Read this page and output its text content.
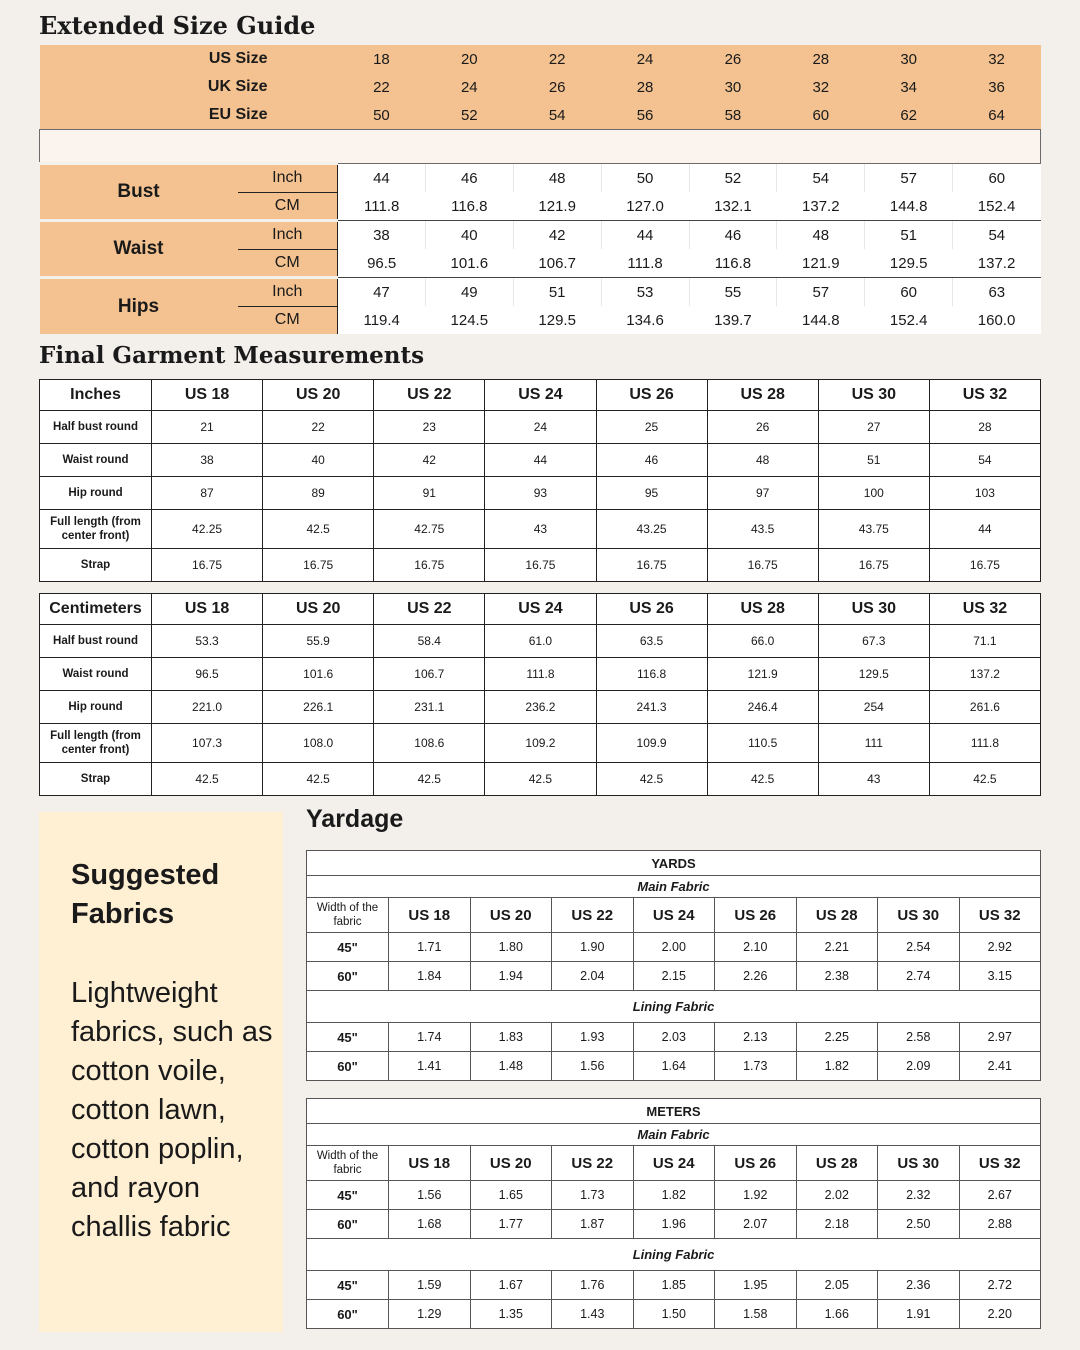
Extended Size Guide
US Size		18	20	22	24	26	28	30	32
UK Size		22	24	26	28	30	32	34	36
EU Size		50	52	54	56	58	60	62	64

Bust	Inch	44	46	48	50	52	54	57	60
	CM	111.8	116.8	121.9	127.0	132.1	137.2	144.8	152.4
Waist	Inch	38	40	42	44	46	48	51	54
	CM	96.5	101.6	106.7	111.8	116.8	121.9	129.5	137.2
Hips	Inch	47	49	51	53	55	57	60	63
	CM	119.4	124.5	129.5	134.6	139.7	144.8	152.4	160.0
Final Garment Measurements
Inches	US 18	US 20	US 22	US 24	US 26	US 28	US 30	US 32
Half bust round	21	22	23	24	25	26	27	28
Waist round	38	40	42	44	46	48	51	54
Hip round	87	89	91	93	95	97	100	103
Full length (from center front)	42.25	42.5	42.75	43	43.25	43.5	43.75	44
Strap	16.75	16.75	16.75	16.75	16.75	16.75	16.75	16.75
Centimeters	US 18	US 20	US 22	US 24	US 26	US 28	US 30	US 32
Half bust round	53.3	55.9	58.4	61.0	63.5	66.0	67.3	71.1
Waist round	96.5	101.6	106.7	111.8	116.8	121.9	129.5	137.2
Hip round	221.0	226.1	231.1	236.2	241.3	246.4	254	261.6
Full length (from center front)	107.3	108.0	108.6	109.2	109.9	110.5	111	111.8
Strap	42.5	42.5	42.5	42.5	42.5	42.5	43	42.5
Suggested Fabrics
Lightweight fabrics, such as cotton voile, cotton lawn, cotton poplin, and rayon challis fabric
Yardage
YARDS								
Main Fabric								
Width of the fabric	US 18	US 20	US 22	US 24	US 26	US 28	US 30	US 32
45"	1.71	1.80	1.90	2.00	2.10	2.21	2.54	2.92
60"	1.84	1.94	2.04	2.15	2.26	2.38	2.74	3.15
Lining Fabric								
45"	1.74	1.83	1.93	2.03	2.13	2.25	2.58	2.97
60"	1.41	1.48	1.56	1.64	1.73	1.82	2.09	2.41
METERS								
Main Fabric								
Width of the fabric	US 18	US 20	US 22	US 24	US 26	US 28	US 30	US 32
45"	1.56	1.65	1.73	1.82	1.92	2.02	2.32	2.67
60"	1.68	1.77	1.87	1.96	2.07	2.18	2.50	2.88
Lining Fabric								
45"	1.59	1.67	1.76	1.85	1.95	2.05	2.36	2.72
60"	1.29	1.35	1.43	1.50	1.58	1.66	1.91	2.20
